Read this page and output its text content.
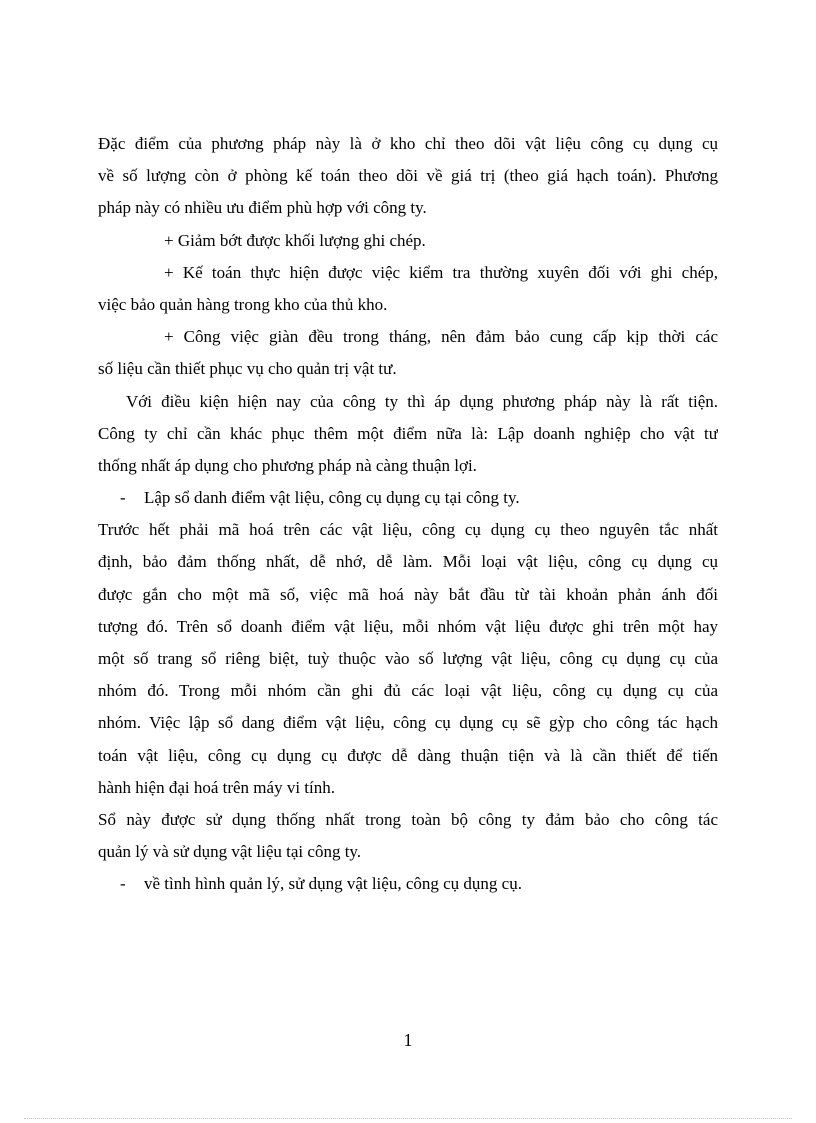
Đặc điểm của phương pháp này là ở kho chỉ theo dõi vật liệu công cụ dụng cụ
về số lượng còn ở phòng kế toán theo dõi về giá trị (theo giá hạch toán). Phương
pháp này có nhiều ưu điểm phù hợp với công ty.
+ Giảm bớt được khối lượng ghi chép.
+ Kế toán thực hiện được việc kiểm tra thường xuyên đối với ghi chép,
việc bảo quản hàng trong kho của thủ kho.
+ Công việc giàn đều trong tháng, nên đảm bảo cung cấp kịp thời các
số liệu cần thiết phục vụ cho quản trị vật tư.
Với điều kiện hiện nay của công ty thì áp dụng phương pháp này là rất tiện.
Công ty chỉ cần khác phục thêm một điểm nữa là: Lập doanh nghiệp cho vật tư
thống nhất áp dụng cho phương pháp nà càng thuận lợi.
- Lập sổ danh điểm vật liệu, công cụ dụng cụ tại công ty.
Trước hết phải mã hoá trên các vật liệu, công cụ dụng cụ theo nguyên tắc nhất
định, bảo đảm thống nhất, dễ nhớ, dễ làm. Mỗi loại vật liệu, công cụ dụng cụ
được gắn cho một mã số, việc mã hoá này bắt đầu từ tài khoản phản ánh đối
tượng đó. Trên sổ doanh điểm vật liệu, mỗi nhóm vật liệu được ghi trên một hay
một số trang sổ riêng biệt, tuỳ thuộc vào số lượng vật liệu, công cụ dụng cụ của
nhóm đó. Trong mỗi nhóm cần ghi đủ các loại vật liệu, công cụ dụng cụ của
nhóm. Việc lập sổ dang điểm vật liệu, công cụ dụng cụ sẽ gỳp cho công tác hạch
toán vật liệu, công cụ dụng cụ được dễ dàng thuận tiện và là cần thiết để tiến
hành hiện đại hoá trên máy vi tính.
Sổ này được sử dụng thống nhất trong toàn bộ công ty đảm bảo cho công tác
quản lý và sử dụng vật liệu tại công ty.
- về tình hình quản lý, sử dụng vật liệu, công cụ dụng cụ.
1
